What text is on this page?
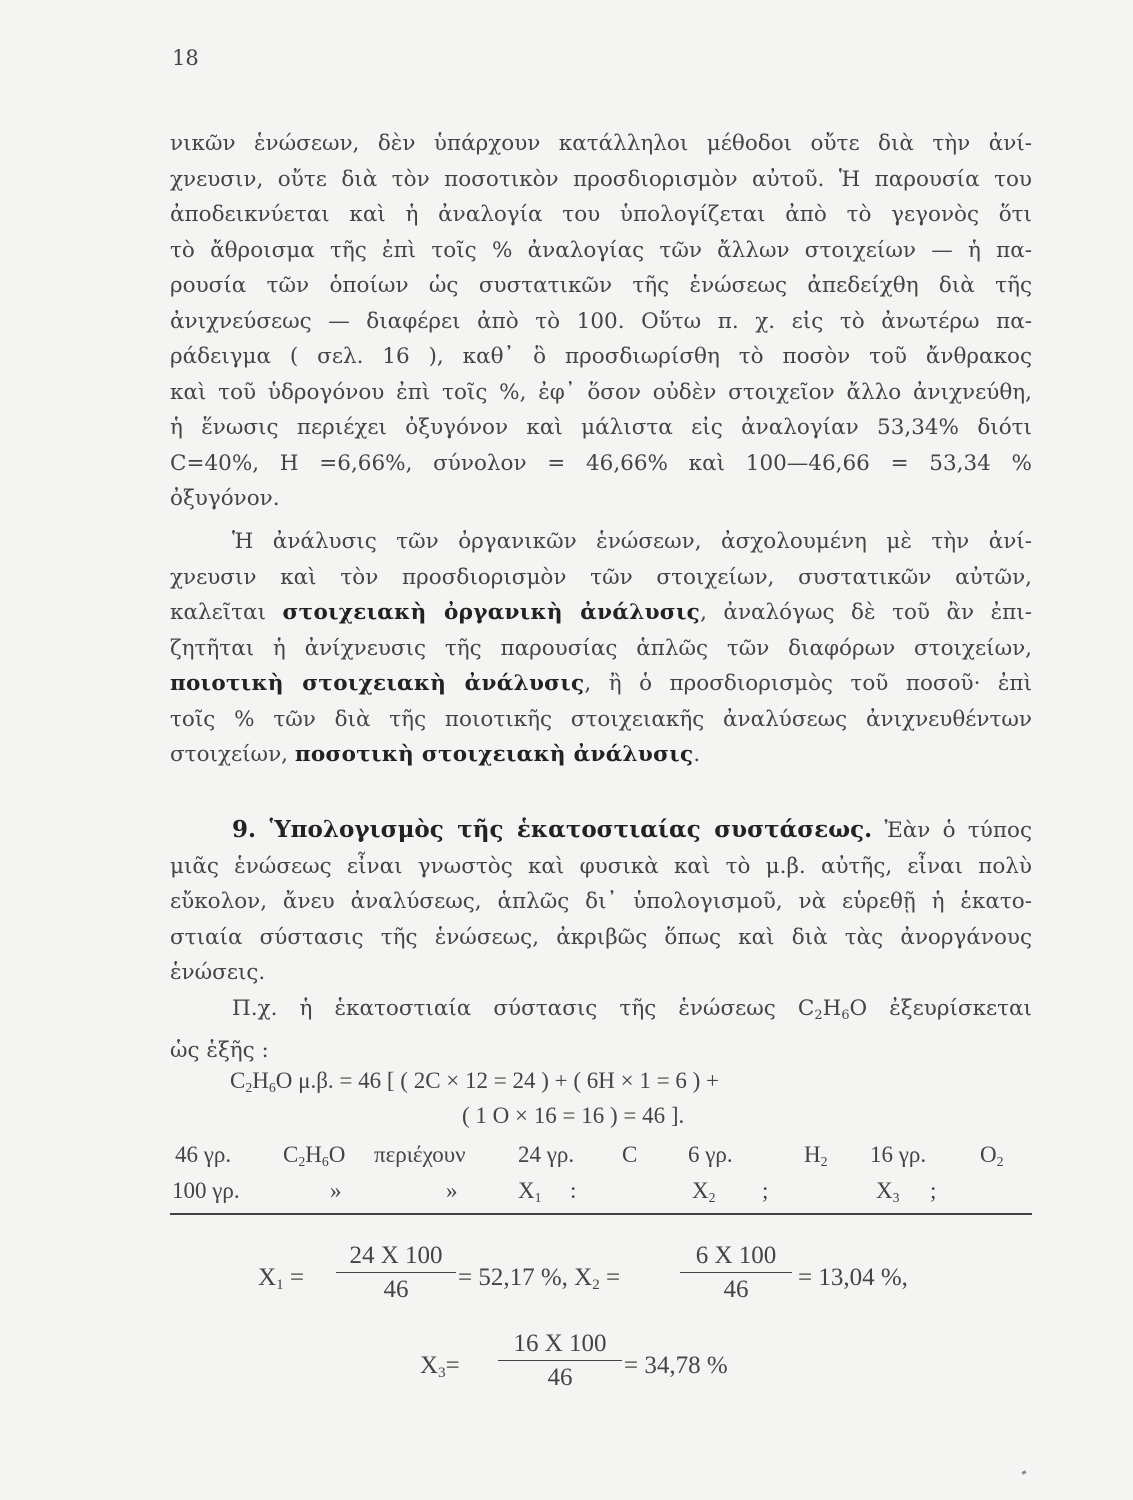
18
νικῶν ἑνώσεων, δὲν ὑπάρχουν κατάλληλοι μέθοδοι οὔτε διὰ τὴν ἀνί-
χνευσιν, οὔτε διὰ τὸν ποσοτικὸν προσδιορισμὸν αὐτοῦ. Ἡ παρουσία του
ἀποδεικνύεται καὶ ἡ ἀναλογία του ὑπολογίζεται ἀπὸ τὸ γεγονὸς ὅτι
τὸ ἄθροισμα τῆς ἐπὶ τοῖς % ἀναλογίας τῶν ἄλλων στοιχείων — ἡ πα-
ρουσία τῶν ὁποίων ὡς συστατικῶν τῆς ἑνώσεως ἀπεδείχθη διὰ τῆς
ἀνιχνεύσεως — διαφέρει ἀπὸ τὸ 100. Οὕτω π. χ. εἰς τὸ ἀνωτέρω πα-
ράδειγμα ( σελ. 16 ), καθ᾽ ὃ προσδιωρίσθη τὸ ποσὸν τοῦ ἄνθρακος
καὶ τοῦ ὑδρογόνου ἐπὶ τοῖς %, ἐφ᾽ ὅσον οὐδὲν στοιχεῖον ἄλλο ἀνιχνεύθη,
ἡ ἕνωσις περιέχει ὀξυγόνον καὶ μάλιστα εἰς ἀναλογίαν 53,34% διότι
C=40%, H =6,66%, σύνολον = 46,66% καὶ 100—46,66 = 53,34 %
ὀξυγόνον.
Ἡ ἀνάλυσις τῶν ὀργανικῶν ἑνώσεων, ἀσχολουμένη μὲ τὴν ἀνί-
χνευσιν καὶ τὸν προσδιορισμὸν τῶν στοιχείων, συστατικῶν αὐτῶν,
καλεῖται στοιχειακὴ ὀργανικὴ ἀνάλυσις, ἀναλόγως δὲ τοῦ ἂν ἐπι-
ζητῆται ἡ ἀνίχνευσις τῆς παρουσίας ἁπλῶς τῶν διαφόρων στοιχείων,
ποιοτικὴ στοιχειακὴ ἀνάλυσις, ἢ ὁ προσδιορισμὸς τοῦ ποσοῦ· ἐπὶ
τοῖς % τῶν διὰ τῆς ποιοτικῆς στοιχειακῆς ἀναλύσεως ἀνιχνευθέντων
στοιχείων, ποσοτικὴ στοιχειακὴ ἀνάλυσις.
9. Ὑπολογισμὸς τῆς ἑκατοστιαίας συστάσεως. Ἐὰν ὁ τύπος
μιᾶς ἑνώσεως εἶναι γνωστὸς καὶ φυσικὰ καὶ τὸ μ.β. αὐτῆς, εἶναι πολὺ
εὔκολον, ἄνευ ἀναλύσεως, ἁπλῶς δι᾽ ὑπολογισμοῦ, νὰ εὑρεθῇ ἡ ἑκατο-
στιαία σύστασις τῆς ἑνώσεως, ἀκριβῶς ὅπως καὶ διὰ τὰς ἀνοργάνους
ἑνώσεις.
Π.χ. ἡ ἑκατοστιαία σύστασις τῆς ἑνώσεως $C_2H_6O$ ἐξευρίσκεται
ὡς ἑξῆς :
$C_2H_6O$ μ.β. = 46 [ ( 2C × 12 = 24 ) + ( 6H × 1 = 6 ) +
( 1 O × 16 = 16 ) = 46 ].
46 γρ. $C_2H_6O$ περιέχουν 24 γρ. C 6 γρ.	$H_2$ 16 γρ. $O_2$
100 γρ.	»	»	$X_1$ :	$X_2$ ;	$X_3$ ;
$X_1 = \frac{24 X 100}{46} = 52,17$ %, $X_2 = \frac{6 X 100}{46} = 13,04$ %,
$X_3= \frac{16 X 100}{46} = 34,78$ %
